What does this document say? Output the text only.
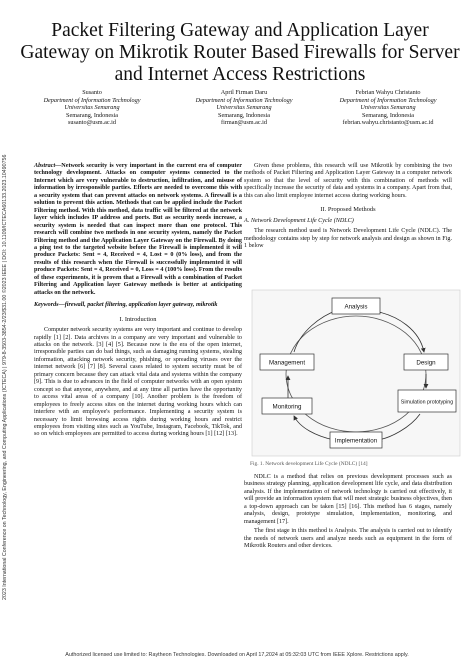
2023 International Conference on Technology, Engineering, and Computing Applications (ICTECA) | 979-8-3503-3854-2/23/$31.00 ©2023 IEEE | DOI: 10.1109/ICTECA60133.2023.10490756
Packet Filtering Gateway and Application Layer Gateway on Mikrotik Router Based Firewalls for Server and Internet Access Restrictions
Susanto
Department of Information Technology
Universitas Semarang
Semarang, Indonesia
susanto@usm.ac.id
April Firman Daru
Department of Information Technology
Universitas Semarang
Semarang, Indonesia
firman@usm.ac.id
Febrian Wahyu Christanto
Department of Information Technology
Universitas Semarang
Semarang, Indonesia
febrian.wahyu.christanto@usm.ac.id
Abstract—Network security is very important in the current era of computer technology development. Attacks on computer systems connected to the Internet which are very vulnerable to destruction, infiltration, and misuse of information by irresponsible parties. Efforts are needed to overcome this with a security system that can prevent attacks on network systems. A firewall is a solution to prevent this action. Methods that can be applied include the Packet Filtering method. With this method, data traffic will be filtered at the network layer which includes IP address and ports. But as security needs increase, a security system is needed that can inspect more than one protocol. This research will combine two methods in one security system, namely the Packet Filtering method and the Application Layer Gateway on the Firewall. By doing a ping test to the targeted website before the Firewall is implemented it will produce Packets: Sent = 4, Received = 4, Lost = 0 (0% loss), and from the results of this research when the Firewall is successfully implemented it will produce Packets: Sent = 4, Received = 0, Loss = 4 (100% loss). From the results of these experiments, it is proven that a Firewall with a combination of Packet Filtering and Application layer Gateway methods is better at anticipating attacks on the network.
Keywords—firewall, packet filtering, application layer gateway, mikrotik
I. Introduction

Computer network security systems are very important and continue to develop rapidly [1] [2]. Data archives in a company are very important and vulnerable to attacks on the network. [3] [4] [5]. Because now is the era of the open internet, irresponsible parties can do bad things, such as damaging running systems, stealing information, attacking network security, phishing, or spreading viruses over the internet network [6] [7] [8]. Several cases related to system security must be of primary concern because they can attack vital data and systems within the company [9]. This is due to advances in the field of computer networks with an open system concept so that anyone, anywhere, and at any time all parties have the opportunity to access vital areas of a company [10]. Another problem is the freedom of employees to freely access sites on the internet during working hours which can interfere with an employee's performance. Implementing a security system is necessary to limit browsing access rights during working hours and restrict employees from visiting sites such as YouTube, Instagram, Facebook, TikTok, and so on which employees are permitted to access during working hours [1] [12] [13].

Given these problems, this research will use Mikrotik by combining the two methods of Packet Filtering and Application Layer Gateway in a computer network system so that the level of security with this combination of methods will specifically increase the security of data and systems in a company. Apart from that, this can also limit employee internet access during working hours.

II. Proposed Methods
A. Network Development Life Cycle (NDLC)

The research method used is Network Development Life Cycle (NDLC). The methodology contains step by step for network analysis and design as shown in Fig. 1 below

Analysis
Design
Simulation prototyping
Implementation
Monitoring
Management
Fig. 1. Network development Life Cycle (NDLC) [14]

NDLC is a method that relies on previous development processes such as business strategy planning, application development life cycle, and data distribution analysis. If the implementation of network technology is carried out effectively, it will provide an information system that will meet strategic business objectives, then a top-down approach can be taken [15] [16]. This method has 6 stages, namely analysis, design, prototype simulation, implementation, monitoring, and management [17].

The first stage in this method is Analysis. The analysis is carried out to identify the needs of network users and analyze needs such as equipment in the form of Mikrotik Routers and other devices.

Authorized licensed use limited to: Raytheon Technologies. Downloaded on April 17,2024 at 05:32:03 UTC from IEEE Xplore. Restrictions apply.
